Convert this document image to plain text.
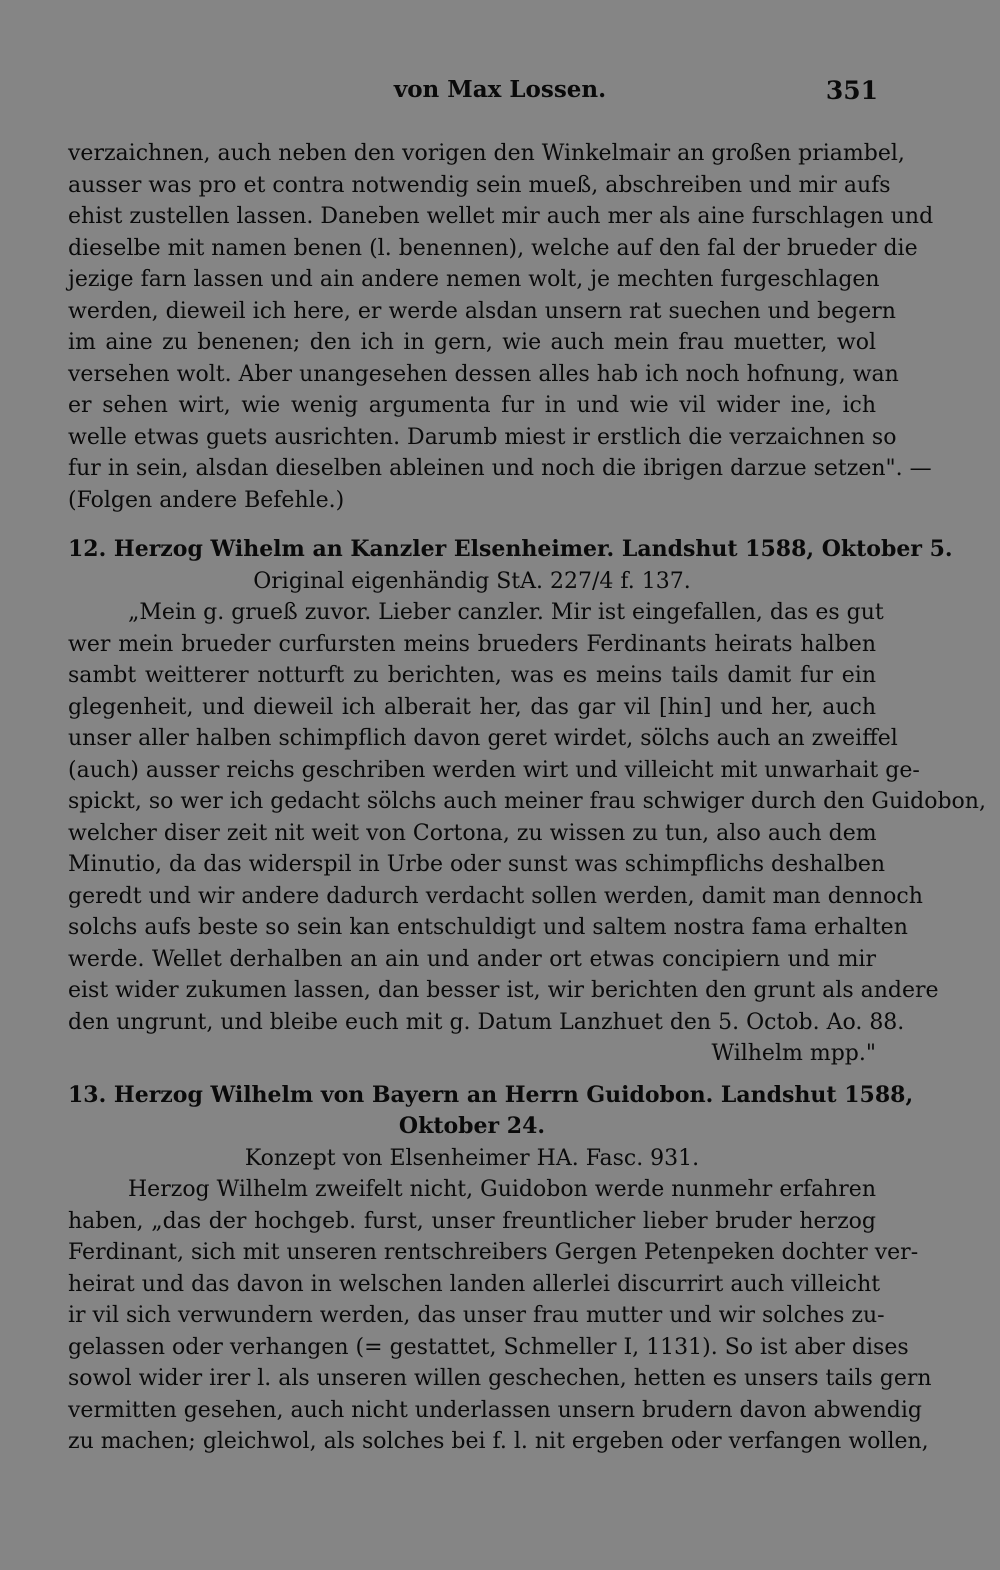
von Max Lossen.	351
verzaichnen, auch neben den vorigen den Winkelmair an großen priambel,
ausser was pro et contra notwendig sein mueß, abschreiben und mir aufs
ehist zustellen lassen. Daneben wellet mir auch mer als aine furschlagen und
dieselbe mit namen benen (l. benennen), welche auf den fal der brueder die
jezige farn lassen und ain andere nemen wolt, je mechten furgeschlagen
werden, dieweil ich here, er werde alsdan unsern rat suechen und begern
im aine zu benenen; den ich in gern, wie auch mein frau muetter, wol
versehen wolt. Aber unangesehen dessen alles hab ich noch hofnung, wan
er sehen wirt, wie wenig argumenta fur in und wie vil wider ine, ich
welle etwas guets ausrichten. Darumb miest ir erstlich die verzaichnen so
fur in sein, alsdan dieselben ableinen und noch die ibrigen darzue setzen". —
(Folgen andere Befehle.)
12. Herzog Wihelm an Kanzler Elsenheimer. Landshut 1588, Oktober 5.
Original eigenhändig StA. 227/4 f. 137.
„Mein g. grueß zuvor. Lieber canzler. Mir ist eingefallen, das es gut
wer mein brueder curfursten meins brueders Ferdinants heirats halben
sambt weitterer notturft zu berichten, was es meins tails damit fur ein
glegenheit, und dieweil ich alberait her, das gar vil [hin] und her, auch
unser aller halben schimpflich davon geret wirdet, sölchs auch an zweiffel
(auch) ausser reichs geschriben werden wirt und villeicht mit unwarhait ge-
spickt, so wer ich gedacht sölchs auch meiner frau schwiger durch den Guidobon,
welcher diser zeit nit weit von Cortona, zu wissen zu tun, also auch dem
Minutio, da das widerspil in Urbe oder sunst was schimpflichs deshalben
geredt und wir andere dadurch verdacht sollen werden, damit man dennoch
solchs aufs beste so sein kan entschuldigt und saltem nostra fama erhalten
werde. Wellet derhalben an ain und ander ort etwas concipiern und mir
eist wider zukumen lassen, dan besser ist, wir berichten den grunt als andere
den ungrunt, und bleibe euch mit g. Datum Lanzhuet den 5. Octob. Ao. 88.
Wilhelm mpp."
13. Herzog Wilhelm von Bayern an Herrn Guidobon. Landshut 1588,
Oktober 24.
Konzept von Elsenheimer HA. Fasc. 931.
Herzog Wilhelm zweifelt nicht, Guidobon werde nunmehr erfahren
haben, „das der hochgeb. furst, unser freuntlicher lieber bruder herzog
Ferdinant, sich mit unseren rentschreibers Gergen Petenpeken dochter ver-
heirat und das davon in welschen landen allerlei discurrirt auch villeicht
ir vil sich verwundern werden, das unser frau mutter und wir solches zu-
gelassen oder verhangen (= gestattet, Schmeller I, 1131). So ist aber dises
sowol wider irer l. als unseren willen geschechen, hetten es unsers tails gern
vermitten gesehen, auch nicht underlassen unsern brudern davon abwendig
zu machen; gleichwol, als solches bei f. l. nit ergeben oder verfangen wollen,
